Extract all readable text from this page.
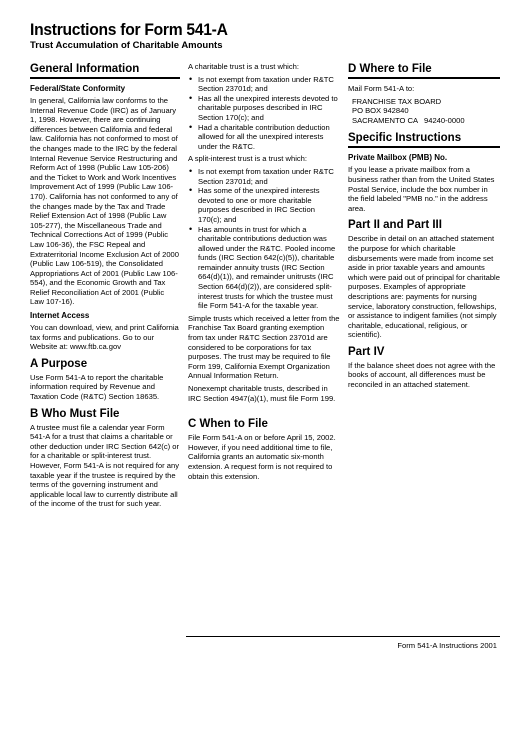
Instructions for Form 541-A
Trust Accumulation of Charitable Amounts
General Information
Federal/State Conformity

In general, California law conforms to the Internal Revenue Code (IRC) as of January 1, 1998. However, there are continuing differences between California and federal law. California has not conformed to most of the changes made to the IRC by the federal Internal Revenue Service Restructuring and Reform Act of 1998 (Public Law 105-206) and the Ticket to Work and Work Incentives Improvement Act of 1999 (Public Law 106-170). California has not conformed to any of the changes made by the Tax and Trade Relief Extension Act of 1998 (Public Law 105-277), the Miscellaneous Trade and Technical Corrections Act of 1999 (Public Law 106-36), the FSC Repeal and Extraterritorial Income Exclusion Act of 2000 (Public Law 106-519), the Consolidated Appropriations Act of 2001 (Public Law 106-554), and the Economic Growth and Tax Relief Reconciliation Act of 2001 (Public Law 107-16).

Internet Access

You can download, view, and print California tax forms and publications. Go to our Website at: www.ftb.ca.gov

A Purpose

Use Form 541-A to report the charitable information required by Revenue and Taxation Code (R&TC) Section 18635.

B Who Must File

A trustee must file a calendar year Form 541-A for a trust that claims a charitable or other deduction under IRC Section 642(c) or for a charitable or split-interest trust. However, Form 541-A is not required for any taxable year if the trustee is required by the terms of the governing instrument and applicable local law to currently distribute all of the income of the trust for such year.

A charitable trust is a trust which:

• Is not exempt from taxation under R&TC Section 23701d; and
• Has all the unexpired interests devoted to charitable purposes described in IRC Section 170(c); and
• Had a charitable contribution deduction allowed for all the unexpired interests under the R&TC.

A split-interest trust is a trust which:

• Is not exempt from taxation under R&TC Section 23701d; and
• Has some of the unexpired interests devoted to one or more charitable purposes described in IRC Section 170(c); and
• Has amounts in trust for which a charitable contributions deduction was allowed under the R&TC. Pooled income funds (IRC Section 642(c)(5)), charitable remainder annuity trusts (IRC Section 664(d)(1)), and remainder unitrusts (IRC Section 664(d)(2)), are considered split-interest trusts for which the trustee must file Form 541-A for the taxable year.

Simple trusts which received a letter from the Franchise Tax Board granting exemption from tax under R&TC Section 23701d are considered to be corporations for tax purposes. The trust may be required to file Form 199, California Exempt Organization Annual Information Return.

Nonexempt charitable trusts, described in IRC Section 4947(a)(1), must file Form 199.

C When to File

File Form 541-A on or before April 15, 2002. However, if you need additional time to file, California grants an automatic six-month extension. A request form is not required to obtain this extension.

D Where to File

Mail Form 541-A to:

FRANCHISE TAX BOARD
PO BOX 942840
SACRAMENTO CA   94240-0000
Specific Instructions
Private Mailbox (PMB) No.

If you lease a private mailbox from a business rather than from the United States Postal Service, include the box number in the field labeled "PMB no." in the address area.

Part II and Part III

Describe in detail on an attached statement the purpose for which charitable disbursements were made from income set aside in prior taxable years and amounts which were paid out of principal for charitable purposes. Examples of appropriate descriptions are: payments for nursing service, laboratory construction, fellowships, or assistance to indigent families (not simply charitable, educational, religious, or scientific).

Part IV

If the balance sheet does not agree with the books of account, all differences must be reconciled in an attached statement.

Form 541-A Instructions 2001
